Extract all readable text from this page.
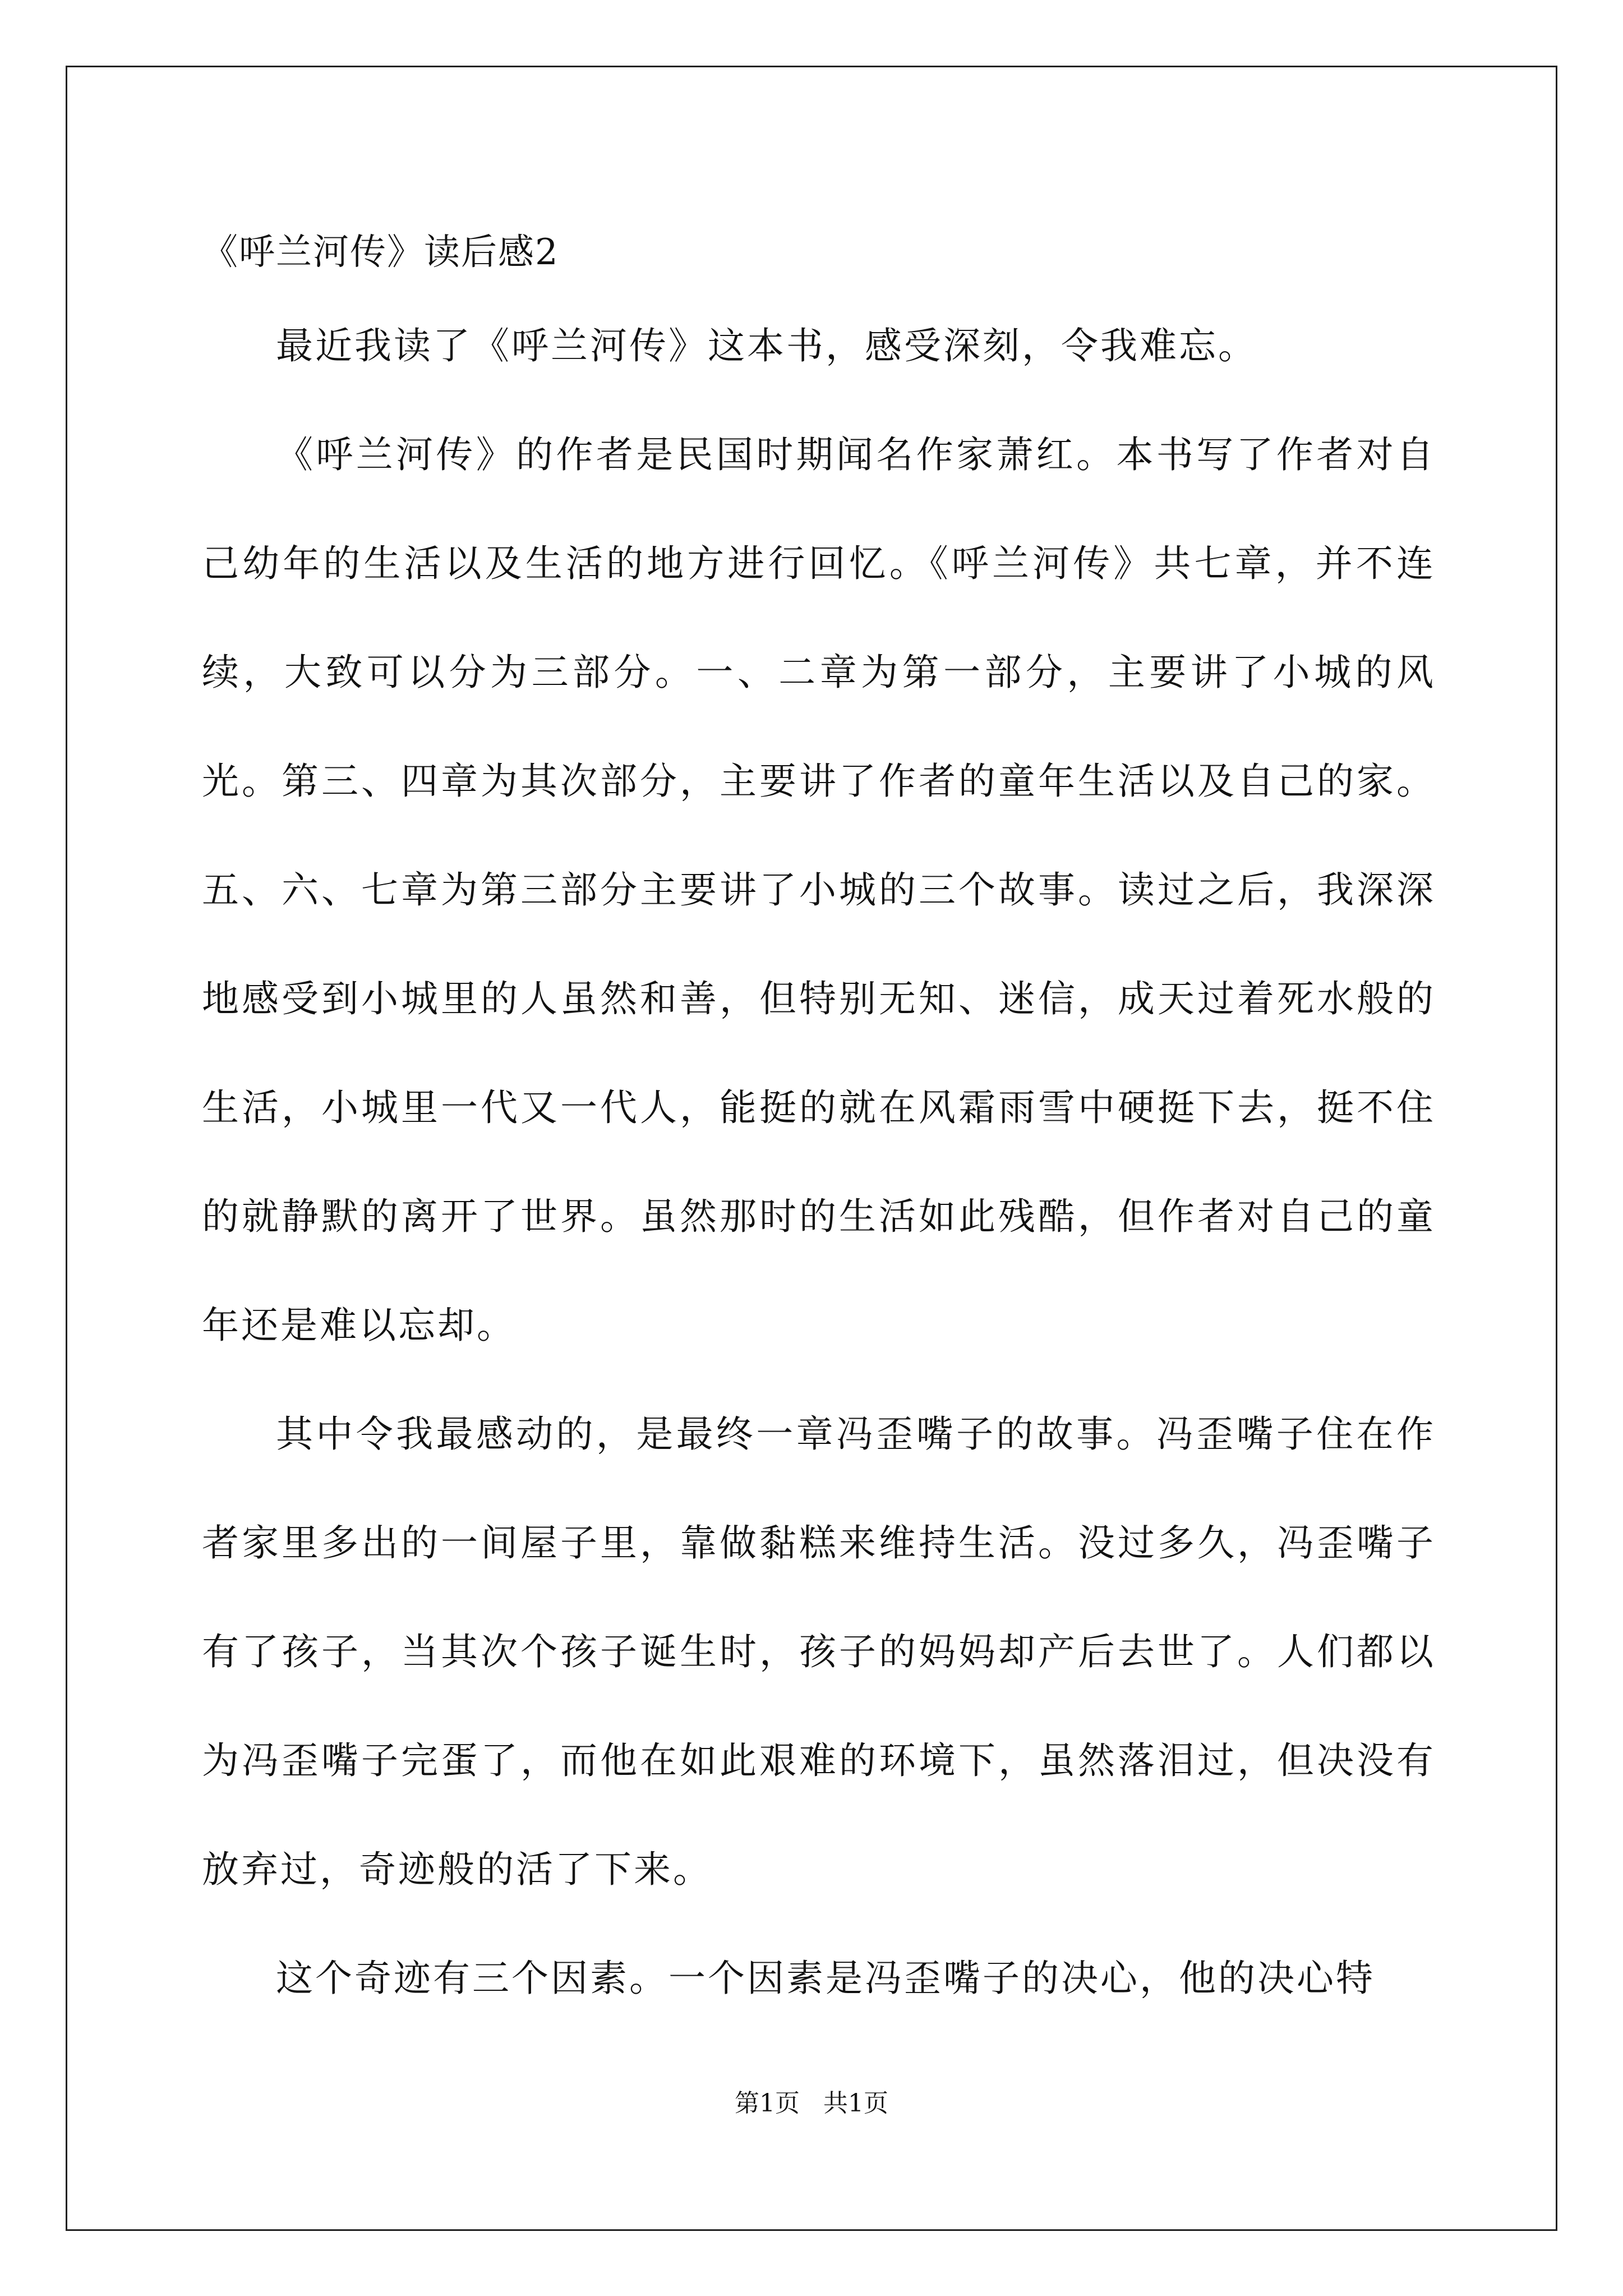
《呼兰河传》读后感2

最近我读了《呼兰河传》这本书，感受深刻，令我难忘。

《呼兰河传》的作者是民国时期闻名作家萧红。本书写了作者对自己幼年的生活以及生活的地方进行回忆。《呼兰河传》共七章，并不连续，大致可以分为三部分。一、二章为第一部分，主要讲了小城的风光。第三、四章为其次部分，主要讲了作者的童年生活以及自己的家。五、六、七章为第三部分主要讲了小城的三个故事。读过之后，我深深地感受到小城里的人虽然和善，但特别无知、迷信，成天过着死水般的生活，小城里一代又一代人，能挺的就在风霜雨雪中硬挺下去，挺不住的就静默的离开了世界。虽然那时的生活如此残酷，但作者对自己的童年还是难以忘却。

其中令我最感动的，是最终一章冯歪嘴子的故事。冯歪嘴子住在作者家里多出的一间屋子里，靠做黏糕来维持生活。没过多久，冯歪嘴子有了孩子，当其次个孩子诞生时，孩子的妈妈却产后去世了。人们都以为冯歪嘴子完蛋了，而他在如此艰难的环境下，虽然落泪过，但决没有放弃过，奇迹般的活了下来。

这个奇迹有三个因素。一个因素是冯歪嘴子的决心，他的决心特

第1页   共1页
